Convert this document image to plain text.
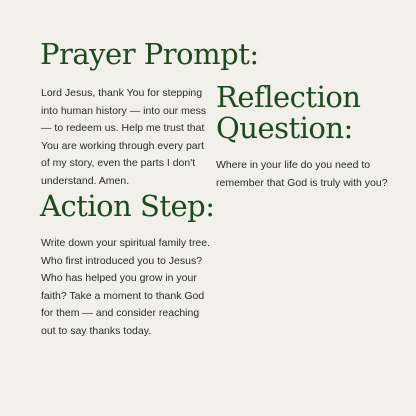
Prayer Prompt:

Lord Jesus, thank You for stepping into human history — into our mess — to redeem us. Help me trust that You are working through every part of my story, even the parts I don't understand. Amen.

Reflection Question:

Where in your life do you need to remember that God is truly with you?

Action Step:

Write down your spiritual family tree. Who first introduced you to Jesus? Who has helped you grow in your faith? Take a moment to thank God for them — and consider reaching out to say thanks today.
